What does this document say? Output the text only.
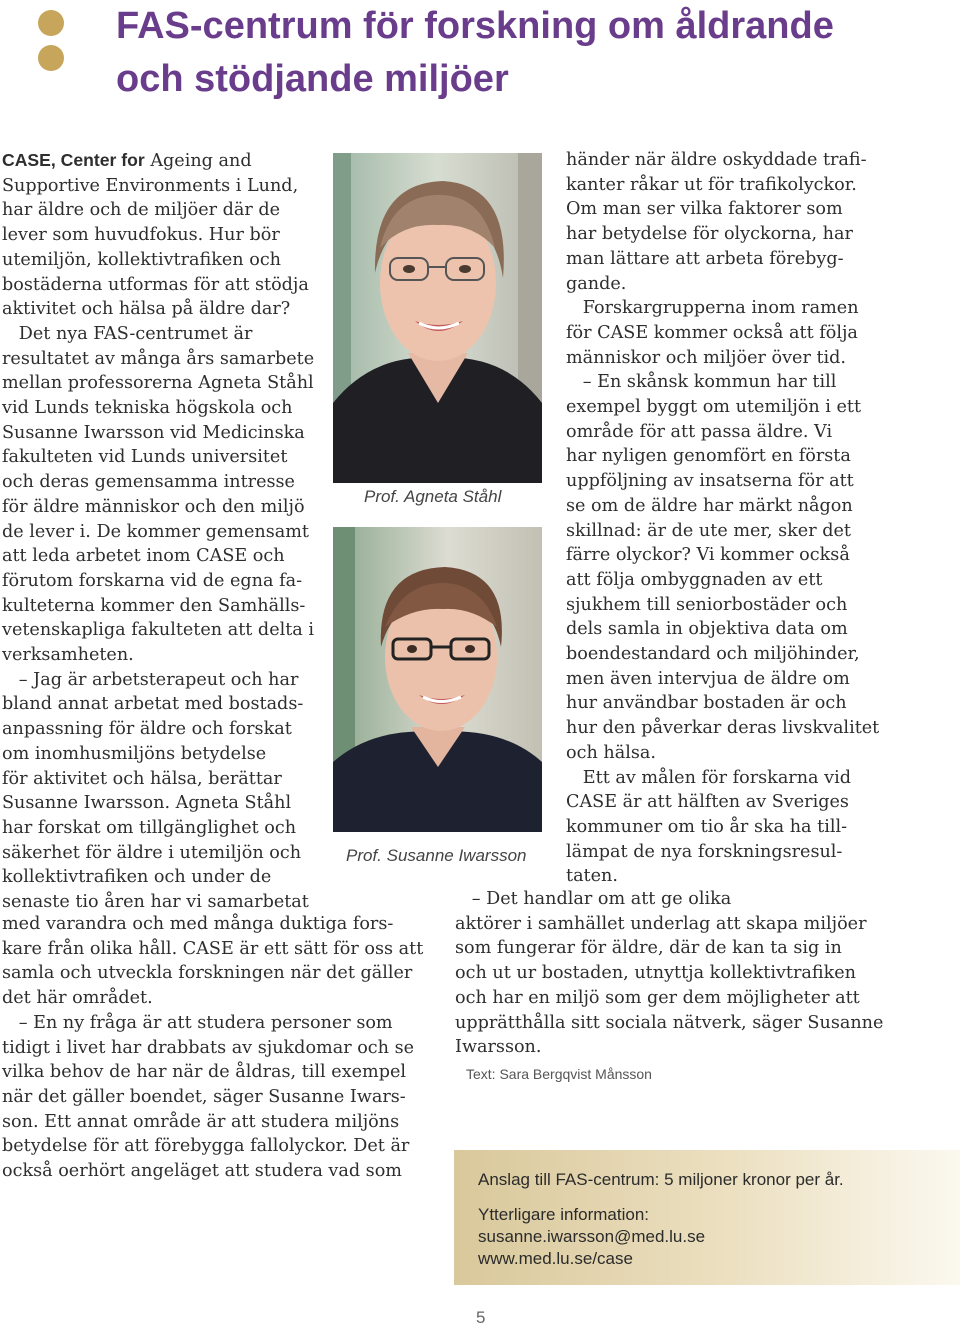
FAS-centrum för forskning om åldrande
och stödjande miljöer
CASE, Center for Ageing and
Supportive Environments i Lund,
har äldre och de miljöer där de
lever som huvudfokus. Hur bör
utemiljön, kollektivtrafiken och
bostäderna utformas för att stödja
aktivitet och hälsa på äldre dar?
Det nya FAS-centrumet är
resultatet av många års samarbete
mellan professorerna Agneta Ståhl
vid Lunds tekniska högskola och
Susanne Iwarsson vid Medicinska
fakulteten vid Lunds universitet
och deras gemensamma intresse
för äldre människor och den miljö
de lever i. De kommer gemensamt
att leda arbetet inom CASE och
förutom forskarna vid de egna fa-
kulteterna kommer den Samhälls-
vetenskapliga fakulteten att delta i
verksamheten.
– Jag är arbetsterapeut och har
bland annat arbetat med bostads-
anpassning för äldre och forskat
om inomhusmiljöns betydelse
för aktivitet och hälsa, berättar
Susanne Iwarsson. Agneta Ståhl
har forskat om tillgänglighet och
säkerhet för äldre i utemiljön och
kollektivtrafiken och under de
senaste tio åren har vi samarbetat
med varandra och med många duktiga fors-
kare från olika håll. CASE är ett sätt för oss att
samla och utveckla forskningen när det gäller
det här området.
– En ny fråga är att studera personer som
tidigt i livet har drabbats av sjukdomar och se
vilka behov de har när de åldras, till exempel
när det gäller boendet, säger Susanne Iwars-
son. Ett annat område är att studera miljöns
betydelse för att förebygga fallolyckor. Det är
också oerhört angeläget att studera vad som
Prof. Agneta Ståhl
Prof. Susanne Iwarsson
händer när äldre oskyddade trafi-
kanter råkar ut för trafikolyckor.
Om man ser vilka faktorer som
har betydelse för olyckorna, har
man lättare att arbeta förebyg-
gande.
Forskargrupperna inom ramen
för CASE kommer också att följa
människor och miljöer över tid.
– En skånsk kommun har till
exempel byggt om utemiljön i ett
område för att passa äldre. Vi
har nyligen genomfört en första
uppföljning av insatserna för att
se om de äldre har märkt någon
skillnad: är de ute mer, sker det
färre olyckor? Vi kommer också
att följa ombyggnaden av ett
sjukhem till seniorbostäder och
dels samla in objektiva data om
boendestandard och miljöhinder,
men även intervjua de äldre om
hur användbar bostaden är och
hur den påverkar deras livskvalitet
och hälsa.
Ett av målen för forskarna vid
CASE är att hälften av Sveriges
kommuner om tio år ska ha till-
lämpat de nya forskningsresul-
taten.
– Det handlar om att ge olika
aktörer i samhället underlag att skapa miljöer
som fungerar för äldre, där de kan ta sig in
och ut ur bostaden, utnyttja kollektivtrafiken
och har en miljö som ger dem möjligheter att
upprätthålla sitt sociala nätverk, säger Susanne
Iwarsson.
Text: Sara Bergqvist Månsson
Anslag till FAS-centrum: 5 miljoner kronor per år.
Ytterligare information:
susanne.iwarsson@med.lu.se
www.med.lu.se/case
5
